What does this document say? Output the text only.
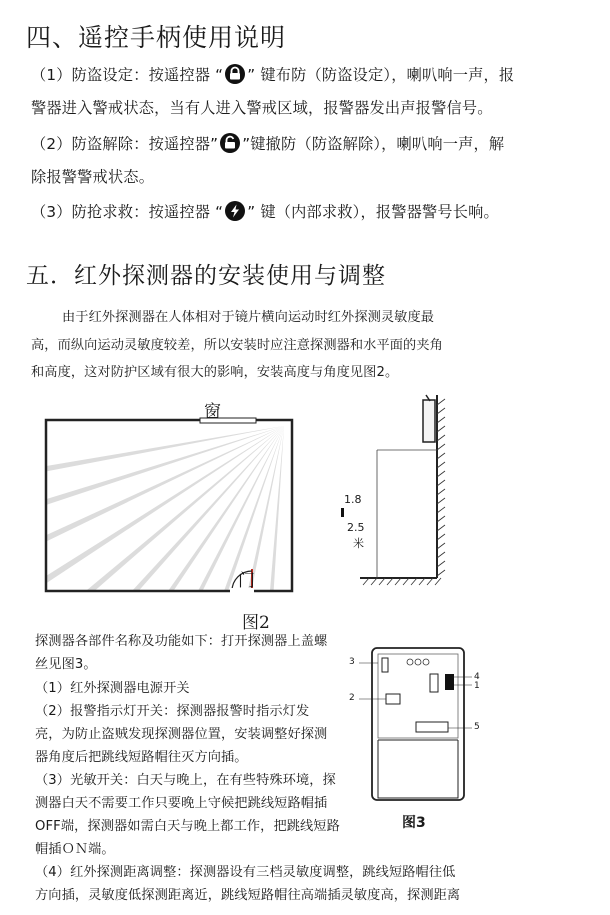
四、遥控手柄使用说明
（1）防盗设定：按遥控器 “ ” 键布防（防盗设定），喇叭响一声，报
警器进入警戒状态，当有人进入警戒区域，报警器发出声报警信号。
（2）防盗解除：按遥控器” ”键撤防（防盗解除），喇叭响一声，解
除报警警戒状态。
（3）防抢求救：按遥控器 “ ” 键（内部求救），报警器警号长响。
五．红外探测器的安装使用与调整
由于红外探测器在人体相对于镜片横向运动时红外探测灵敏度最
高，而纵向运动灵敏度较差，所以安装时应注意探测器和水平面的夹角
和高度，这对防护区域有很大的影响，安装高度与角度见图2。
窗
门
1.8
2.5
米
图2
探测器各部件名称及功能如下：打开探测器上盖螺
丝见图3。
（1）红外探测器电源开关
（2）报警指示灯开关：探测器报警时指示灯发
亮，为防止盗贼发现探测器位置，安装调整好探测
器角度后把跳线短路帽往灭方向插。
（3）光敏开关：白天与晚上，在有些特殊环境，探
测器白天不需要工作只要晚上守候把跳线短路帽插
OFF端，探测器如需白天与晚上都工作，把跳线短路
帽插ＯＮ端。
（4）红外探测距离调整：探测器设有三档灵敏度调整，跳线短路帽往低
方向插，灵敏度低探测距离近，跳线短路帽往高端插灵敏度高，探测距离
3
2
4
1
5
图3
